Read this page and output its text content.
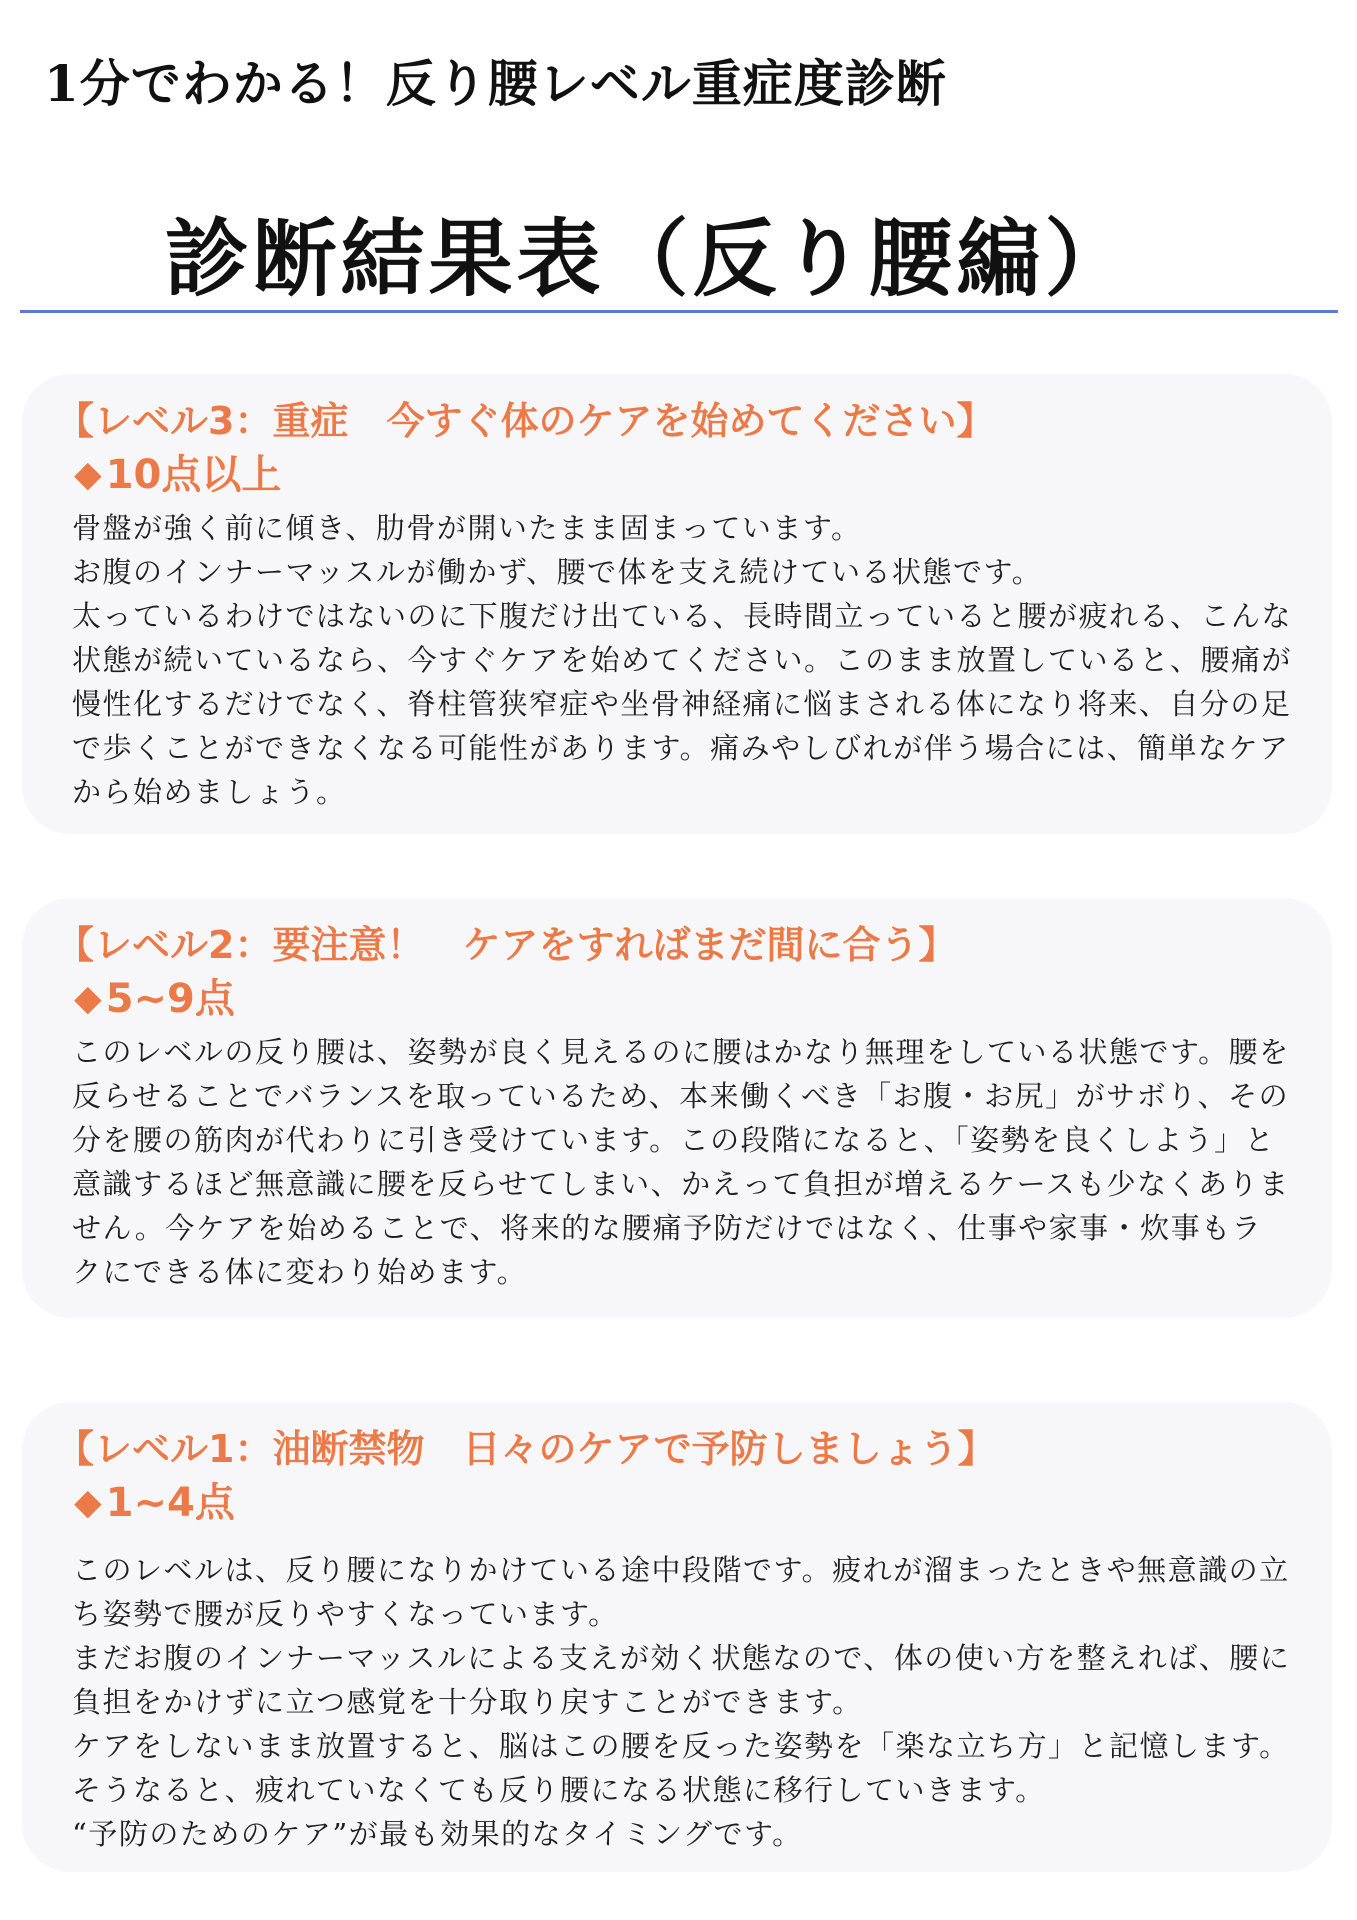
1分でわかる！反り腰レベル重症度診断
診断結果表（反り腰編）
【レベル3：重症　今すぐ体のケアを始めてください】
◆ 10点以上

骨盤が強く前に傾き、肋骨が開いたまま固まっています。

お腹のインナーマッスルが働かず、腰で体を支え続けている状態です。

太っているわけではないのに下腹だけ出ている、長時間立っていると腰が疲れる、こんな状態が続いているなら、今すぐケアを始めてください。このまま放置していると、腰痛が慢性化するだけでなく、脊柱管狭窄症や坐骨神経痛に悩まされる体になり将来、自分の足で歩くことができなくなる可能性があります。痛みやしびれが伴う場合には、簡単なケアから始めましょう。

【レベル2：要注意！　ケアをすればまだ間に合う】
◆ 5~9点

このレベルの反り腰は、姿勢が良く見えるのに腰はかなり無理をしている状態です。腰を反らせることでバランスを取っているため、本来働くべき「お腹・お尻」がサボり、その分を腰の筋肉が代わりに引き受けています。この段階になると、「姿勢を良くしよう」と意識するほど無意識に腰を反らせてしまい、かえって負担が増えるケースも少なくありません。今ケアを始めることで、将来的な腰痛予防だけではなく、仕事や家事・炊事もラクにできる体に変わり始めます。

【レベル1：油断禁物　日々のケアで予防しましょう】
◆ 1~4点

このレベルは、反り腰になりかけている途中段階です。疲れが溜まったときや無意識の立ち姿勢で腰が反りやすくなっています。

まだお腹のインナーマッスルによる支えが効く状態なので、体の使い方を整えれば、腰に負担をかけずに立つ感覚を十分取り戻すことができます。

ケアをしないまま放置すると、脳はこの腰を反った姿勢を「楽な立ち方」と記憶します。そうなると、疲れていなくても反り腰になる状態に移行していきます。

“予防のためのケア”が最も効果的なタイミングです。
